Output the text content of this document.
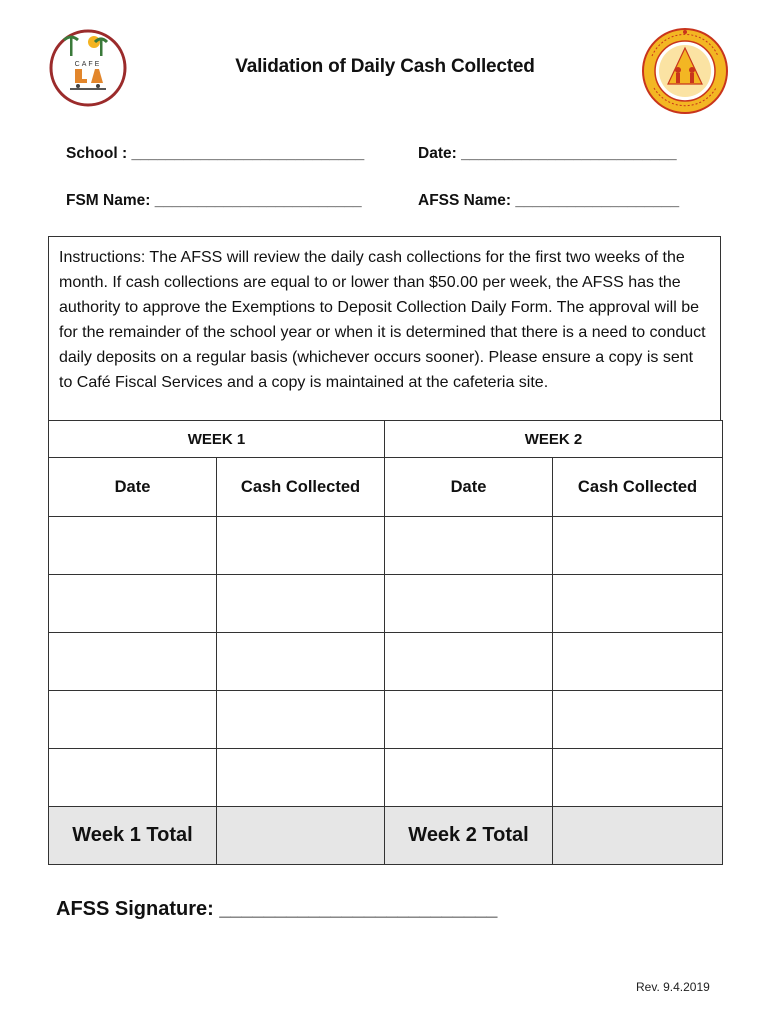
CAFE	Validation of Daily Cash Collected
School : ___________________________	Date: _________________________
FSM Name: ________________________	AFSS Name: ___________________
Instructions: The AFSS will review the daily cash collections for the first two weeks of the month. If cash collections are equal to or lower than $50.00 per week, the AFSS has the authority to approve the Exemptions to Deposit Collection Daily Form. The approval will be for the remainder of the school year or when it is determined that there is a need to conduct daily deposits on a regular basis (whichever occurs sooner). Please ensure a copy is sent to Café Fiscal Services and a copy is maintained at the cafeteria site.
WEEK 1		WEEK 2	
Date	Cash Collected	Date	Cash Collected

Week 1 Total		Week 2 Total	
AFSS Signature: _________________________
Rev. 9.4.2019
